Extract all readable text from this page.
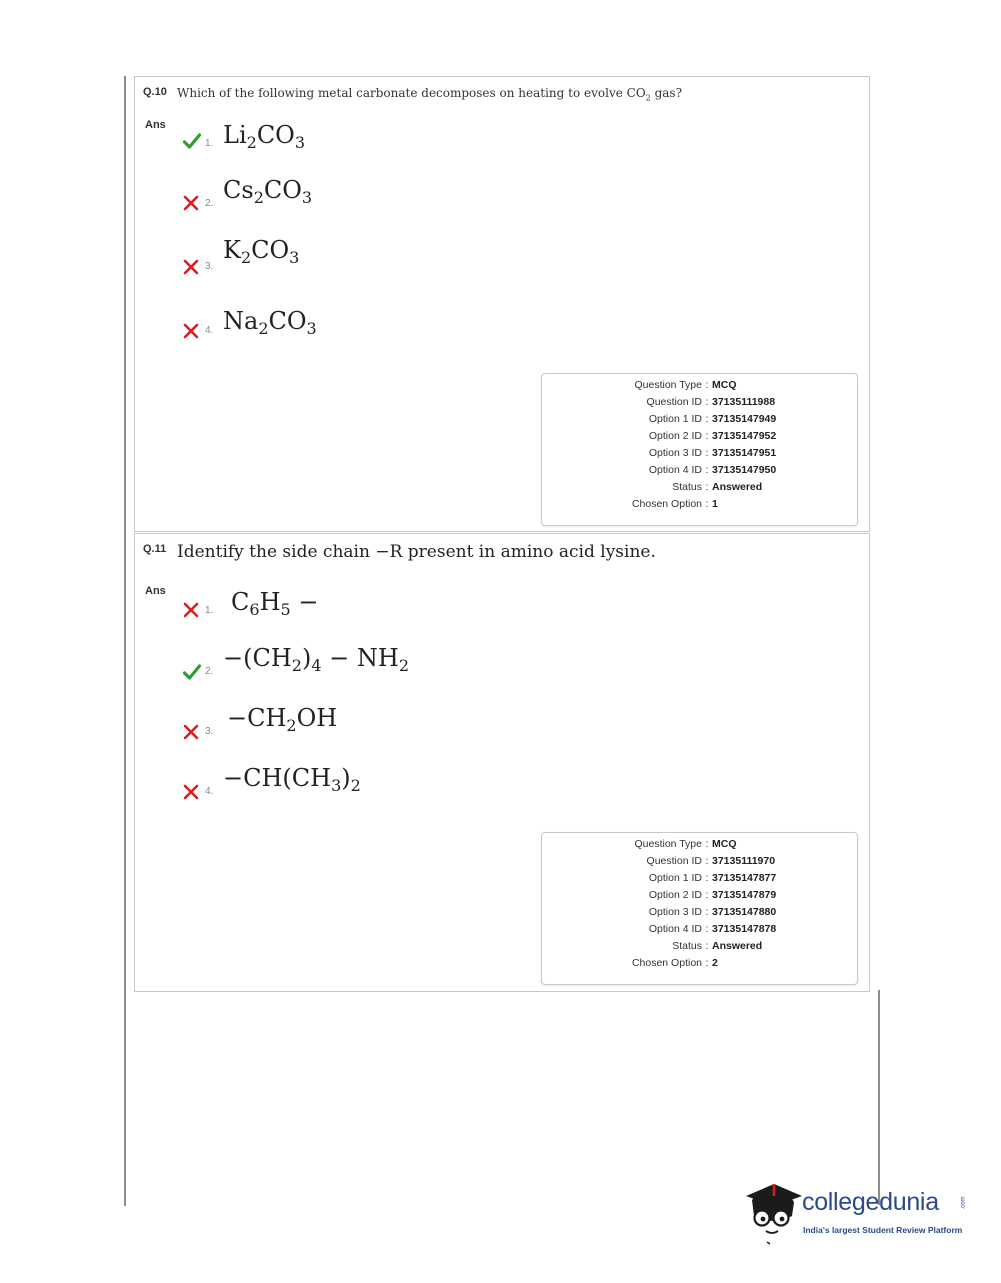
Q.10 Which of the following metal carbonate decomposes on heating to evolve $CO_2$ gas?
Ans
1. $Li_2CO_3$
2. $Cs_2CO_3$
3.
$K_2CO_3$
4. $Na_2CO_3$
Question Type : MCQ
Question ID : 37135111988
Option 1 ID : 37135147949
Option 2 ID : 37135147952
Option 3 ID : 37135147951
Option 4 ID : 37135147950
Status : Answered
Chosen Option : 1
Q.11 Identify the side chain −R present in amino acid lysine.
Ans
1. $C_6H_5$ −
2. $-(CH_2)_4 - NH_2$
3. $-CH_2OH$
4. $-CH(CH_3)_2$
Question Type : MCQ
Question ID : 37135111970
Option 1 ID : 37135147877
Option 2 ID : 37135147879
Option 3 ID : 37135147880
Option 4 ID : 37135147878
Status : Answered
Chosen Option : 2
collegedunia	.com
India's largest Student Review Platform
